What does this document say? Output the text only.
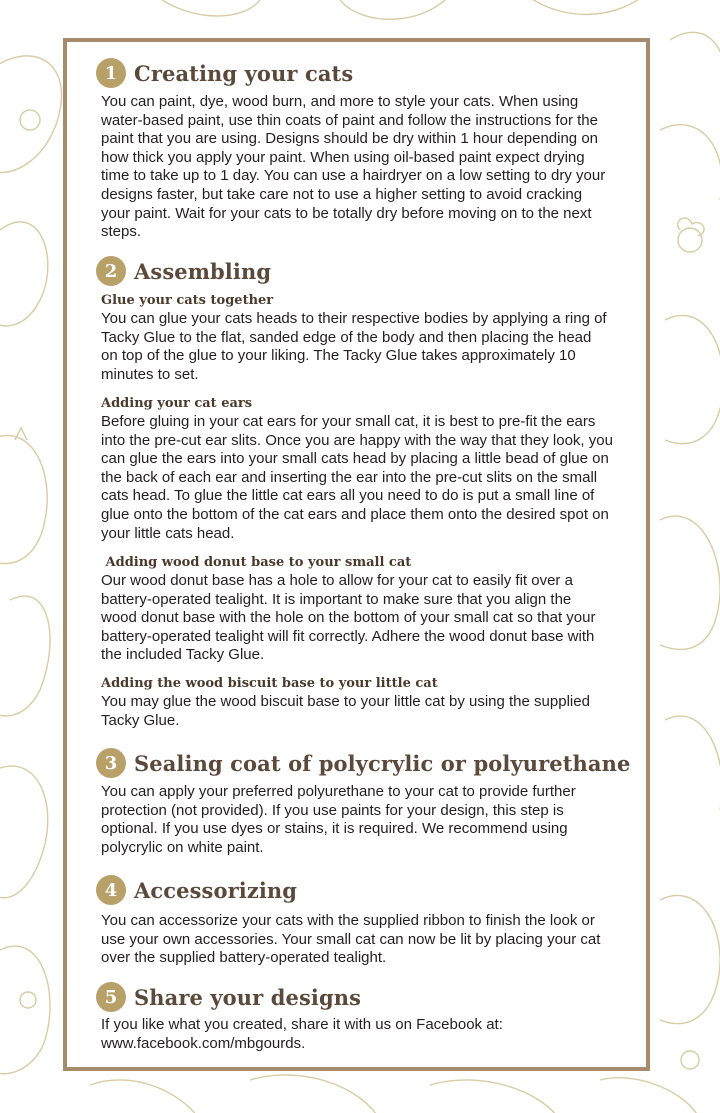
1 Creating your cats
You can paint, dye, wood burn, and more to style your cats. When using
water-based paint, use thin coats of paint and follow the instructions for the
paint that you are using. Designs should be dry within 1 hour depending on
how thick you apply your paint. When using oil-based paint expect drying
time to take up to 1 day. You can use a hairdryer on a low setting to dry your
designs faster, but take care not to use a higher setting to avoid cracking
your paint. Wait for your cats to be totally dry before moving on to the next
steps.
2 Assembling
Glue your cats together
You can glue your cats heads to their respective bodies by applying a ring of
Tacky Glue to the flat, sanded edge of the body and then placing the head
on top of the glue to your liking. The Tacky Glue takes approximately 10
minutes to set.
Adding your cat ears
Before gluing in your cat ears for your small cat, it is best to pre-fit the ears
into the pre-cut ear slits. Once you are happy with the way that they look, you
can glue the ears into your small cats head by placing a little bead of glue on
the back of each ear and inserting the ear into the pre-cut slits on the small
cats head. To glue the little cat ears all you need to do is put a small line of
glue onto the bottom of the cat ears and place them onto the desired spot on
your little cats head.
Adding wood donut base to your small cat
Our wood donut base has a hole to allow for your cat to easily fit over a
battery-operated tealight. It is important to make sure that you align the
wood donut base with the hole on the bottom of your small cat so that your
battery-operated tealight will fit correctly. Adhere the wood donut base with
the included Tacky Glue.
Adding the wood biscuit base to your little cat
You may glue the wood biscuit base to your little cat by using the supplied
Tacky Glue.
3 Sealing coat of polycrylic or polyurethane
You can apply your preferred polyurethane to your cat to provide further
protection (not provided). If you use paints for your design, this step is
optional. If you use dyes or stains, it is required. We recommend using
polycrylic on white paint.
4 Accessorizing
You can accessorize your cats with the supplied ribbon to finish the look or
use your own accessories. Your small cat can now be lit by placing your cat
over the supplied battery-operated tealight.
5 Share your designs
If you like what you created, share it with us on Facebook at:
www.facebook.com/mbgourds.
